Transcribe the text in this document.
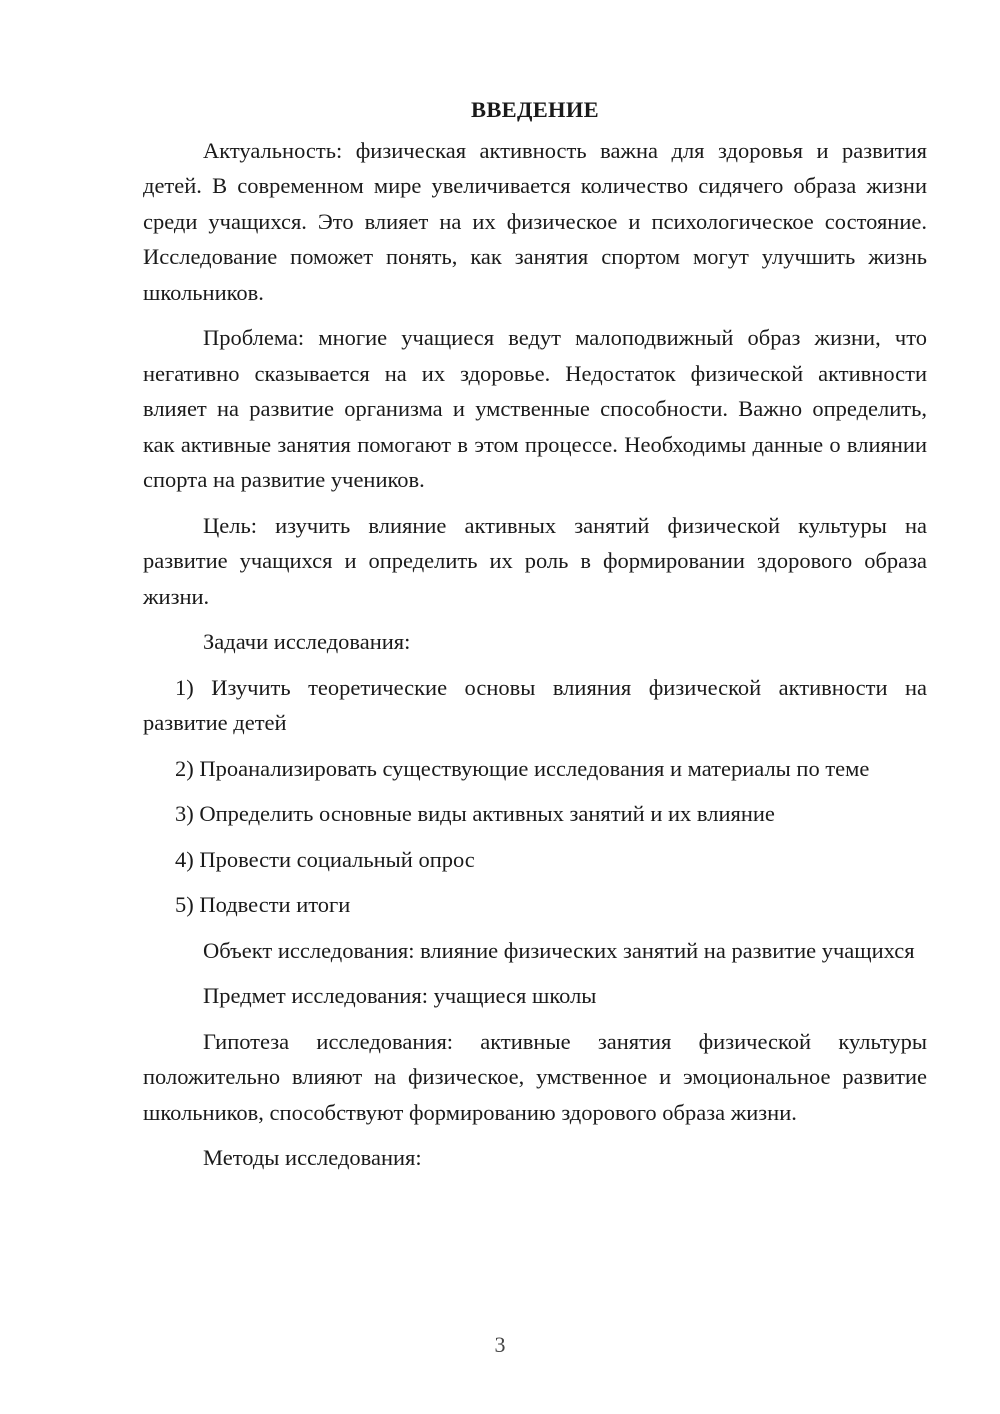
ВВЕДЕНИЕ

Актуальность: физическая активность важна для здоровья и развития детей. В современном мире увеличивается количество сидячего образа жизни среди учащихся. Это влияет на их физическое и психологическое состояние. Исследование поможет понять, как занятия спортом могут улучшить жизнь школьников.

Проблема: многие учащиеся ведут малоподвижный образ жизни, что негативно сказывается на их здоровье. Недостаток физической активности влияет на развитие организма и умственные способности. Важно определить, как активные занятия помогают в этом процессе. Необходимы данные о влиянии спорта на развитие учеников.

Цель: изучить влияние активных занятий физической культуры на развитие учащихся и определить их роль в формировании здорового образа жизни.

Задачи исследования:

1) Изучить теоретические основы влияния физической активности на развитие детей

2) Проанализировать существующие исследования и материалы по теме

3) Определить основные виды активных занятий и их влияние

4) Провести социальный опрос

5) Подвести итоги

Объект исследования: влияние физических занятий на развитие учащихся

Предмет исследования: учащиеся школы

Гипотеза исследования: активные занятия физической культуры положительно влияют на физическое, умственное и эмоциональное развитие школьников, способствуют формированию здорового образа жизни.

Методы исследования:

3
